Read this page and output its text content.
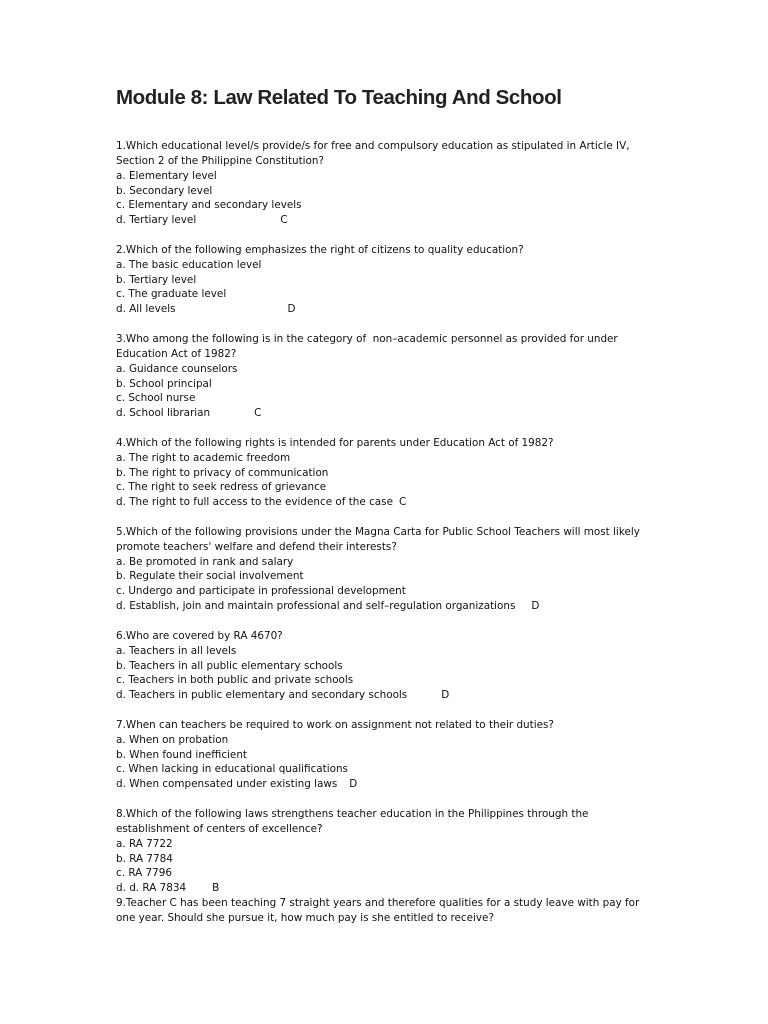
Module 8: Law Related To Teaching And School
1.Which educational level/s provide/s for free and compulsory education as stipulated in Article IV,
Section 2 of the Philippine Constitution?
a. Elementary level
b. Secondary level
c. Elementary and secondary levels
d. Tertiary level	C
2.Which of the following emphasizes the right of citizens to quality education?
a. The basic education level
b. Tertiary level
c. The graduate level
d. All levels	D
3.Who among the following is in the category of  non–academic personnel as provided for under
Education Act of 1982?
a. Guidance counselors
b. School principal
c. School nurse
d. School librarian	C
4.Which of the following rights is intended for parents under Education Act of 1982?
a. The right to academic freedom
b. The right to privacy of communication
c. The right to seek redress of grievance
d. The right to full access to the evidence of the case C
5.Which of the following provisions under the Magna Carta for Public School Teachers will most likely
promote teachers' welfare and defend their interests?
a. Be promoted in rank and salary
b. Regulate their social involvement
c. Undergo and participate in professional development
d. Establish, join and maintain professional and self–regulation organizations D
6.Who are covered by RA 4670?
a. Teachers in all levels
b. Teachers in all public elementary schools
c. Teachers in both public and private schools
d. Teachers in public elementary and secondary schools	D
7.When can teachers be required to work on assignment not related to their duties?
a. When on probation
b. When found inefficient
c. When lacking in educational qualifications
d. When compensated under existing laws D
8.Which of the following laws strengthens teacher education in the Philippines through the
establishment of centers of excellence?
a. RA 7722
b. RA 7784
c. RA 7796
d. d. RA 7834	B
9.Teacher C has been teaching 7 straight years and therefore qualities for a study leave with pay for
one year. Should she pursue it, how much pay is she entitled to receive?
